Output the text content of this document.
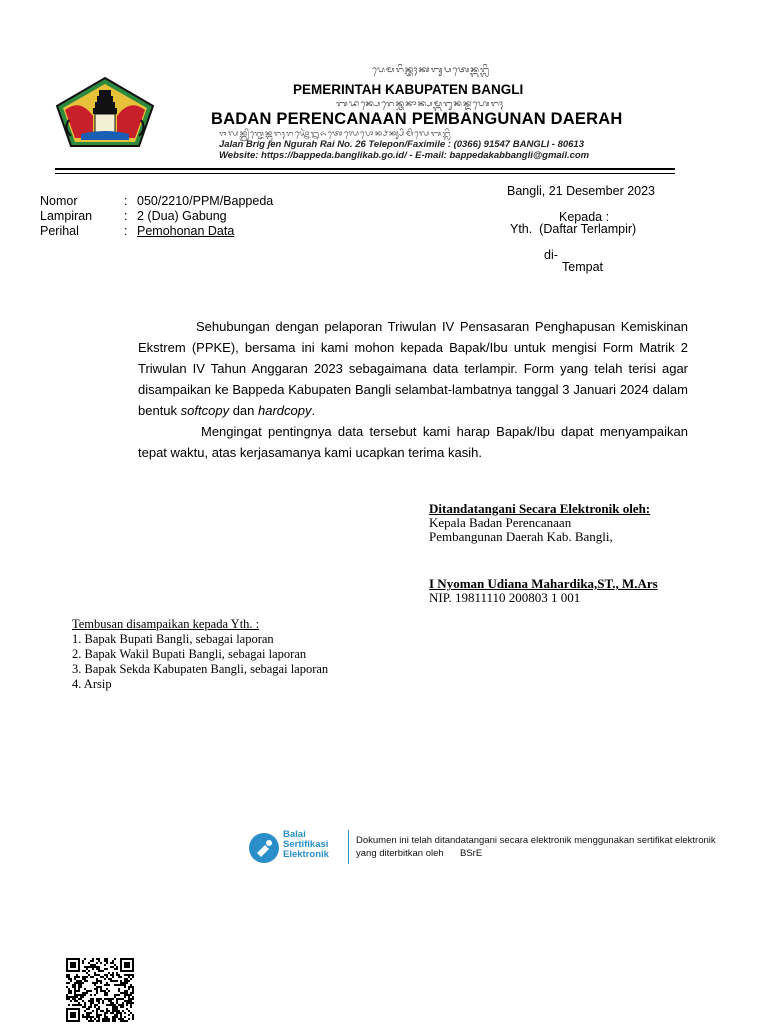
ᬧᬾᬫᬭᬶᬦ᭄ᬢᬄᬓᬩᬸᬧᬢᬾᬦ᭄ᬩᬗ᭄ᬮᬶ
PEMERINTAH KABUPATEN BANGLI
ᬩᬤᬦ᭄ᬧᬾᬭᬾᬦ᭄ᬘᬦᬵᬦ᭄ᬧᬫ᭄ᬩᬗᬸᬦᬦ᭄ᬤᬳᬾᬭᬄ
BADAN PERENCANAAN PEMBANGUNAN DAERAH
ᬚᬮᬦ᭄ᬩ᭄ᬭᬶᬕ᭄ᬚᬾᬦ᭄ᬗᬸᬭᬄᬭᬬ᭄ᬦᭀᬃ᭒᭖ᬢᬾᬮᬾᬧᭀᬦ᭄ᬨᬓ᭄ᬲᬶᬫᬶᬮᬾᬩᬗ᭄ᬮᬶ
Jalan Brig jen Ngurah Rai No. 26 Telepon/Faximile : (0366) 91547 BANGLI - 80613
Website: https://bappeda.banglikab.go.id/ - E-mail: bappedakabbangli@gmail.com
Bangli, 21 Desember 2023
Nomor	: 050/2210/PPM/Bappeda
Lampiran	: 2 (Dua) Gabung
Perihal	: Pemohonan Data
Kepada :
Yth.  (Daftar Terlampir)
di-
Tempat
Sehubungan dengan pelaporan Triwulan IV Pensasaran Penghapusan Kemiskinan Ekstrem (PPKE), bersama ini kami mohon kepada Bapak/Ibu untuk mengisi Form Matrik 2 Triwulan IV Tahun Anggaran 2023 sebagaimana data terlampir. Form yang telah terisi agar disampaikan ke Bappeda Kabupaten Bangli selambat-lambatnya tanggal 3 Januari 2024 dalam bentuk softcopy dan hardcopy.
Mengingat pentingnya data tersebut kami harap Bapak/Ibu dapat menyampaikan tepat waktu, atas kerjasamanya kami ucapkan terima kasih.
Ditandatangani Secara Elektronik oleh:
Kepala Badan Perencanaan
Pembangunan Daerah Kab. Bangli,
I Nyoman Udiana Mahardika,ST., M.Ars
NIP. 19811110 200803 1 001
Tembusan disampaikan kepada Yth. :
1. Bapak Bupati Bangli, sebagai laporan
2. Bapak Wakil Bupati Bangli, sebagai laporan
3. Bapak Sekda Kabupaten Bangli, sebagai laporan
4. Arsip
Balai
Sertifikasi
Elektronik
Dokumen ini telah ditandatangani secara elektronik menggunakan sertifikat elektronik
yang diterbitkan oleh BSrE
